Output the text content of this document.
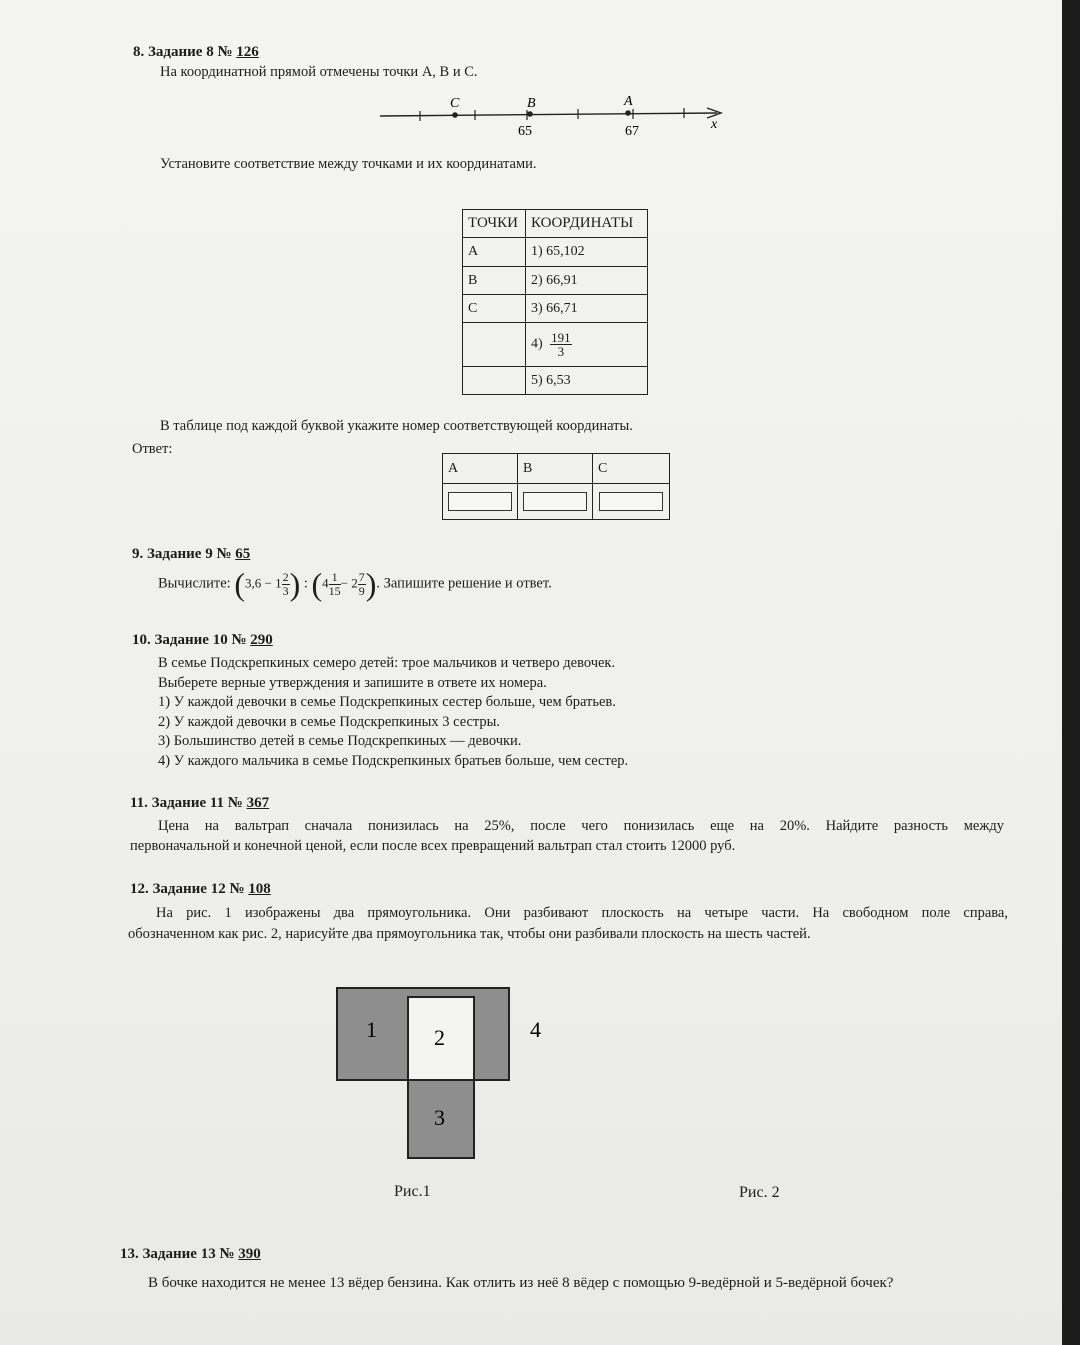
8. Задание 8 № 126
На координатной прямой отмечены точки A, B и C.
C	B	A
65	67	x
Установите соответствие между точками и их координатами.
ТОЧКИ	КООРДИНАТЫ
A	1) 65,102
B	2) 66,91
C	3) 66,71
	$4) \frac{191}{3}$

	5) 6,53
В таблице под каждой буквой укажите номер соответствующей координаты.
Ответ:
A	B	C

9. Задание 9 № 65
Вычислите: ($3,6 - 1 \frac{2}{3}$ ) : ($4 \frac{1}{15} - 2 \frac{7}{9}$ ). Запишите решение и ответ.
10. Задание 10 № 290
В семье Подскрепкиных семеро детей: трое мальчиков и четверо девочек.
Выберете верные утверждения и запишите в ответе их номера.
1) У каждой девочки в семье Подскрепкиных сестер больше, чем братьев.
2) У каждой девочки в семье Подскрепкиных 3 сестры.
3) Большинство детей в семье Подскрепкиных — девочки.
4) У каждого мальчика в семье Подскрепкиных братьев больше, чем сестер.
11. Задание 11 № 367
Цена на вальтрап сначала понизилась на 25%, после чего понизилась еще на 20%. Найдите разность между
первоначальной и конечной ценой, если после всех превращений вальтрап стал стоить 12000 руб.
12. Задание 12 № 108
На рис. 1 изображены два прямоугольника. Они разбивают плоскость на четыре части. На свободном поле справа,
обозначенном как рис. 2, нарисуйте два прямоугольника так, чтобы они разбивали плоскость на шесть частей.
1	2
3
4
Рис.1	Рис. 2
13. Задание 13 № 390
В бочке находится не менее 13 вёдер бензина. Как отлить из неё 8 вёдер с помощью 9-ведёрной и 5-ведёрной бочек?
